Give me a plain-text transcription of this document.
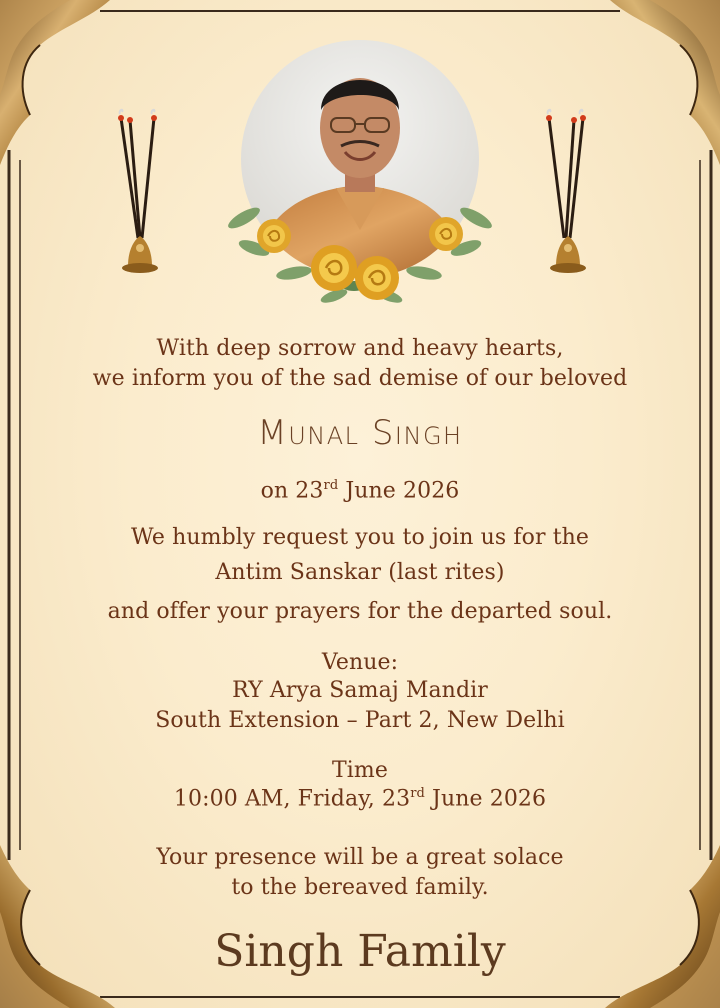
With deep sorrow and heavy hearts,
we inform you of the sad demise of our beloved
Munal Singh
on 23rd June 2026
We humbly request you to join us for the
Antim Sanskar (last rites)
and offer your prayers for the departed soul.
Venue:
RY Arya Samaj Mandir
South Extension – Part 2, New Delhi
Time
10:00 AM, Friday, 23rd June 2026
Your presence will be a great solace
to the bereaved family.
Singh Family
